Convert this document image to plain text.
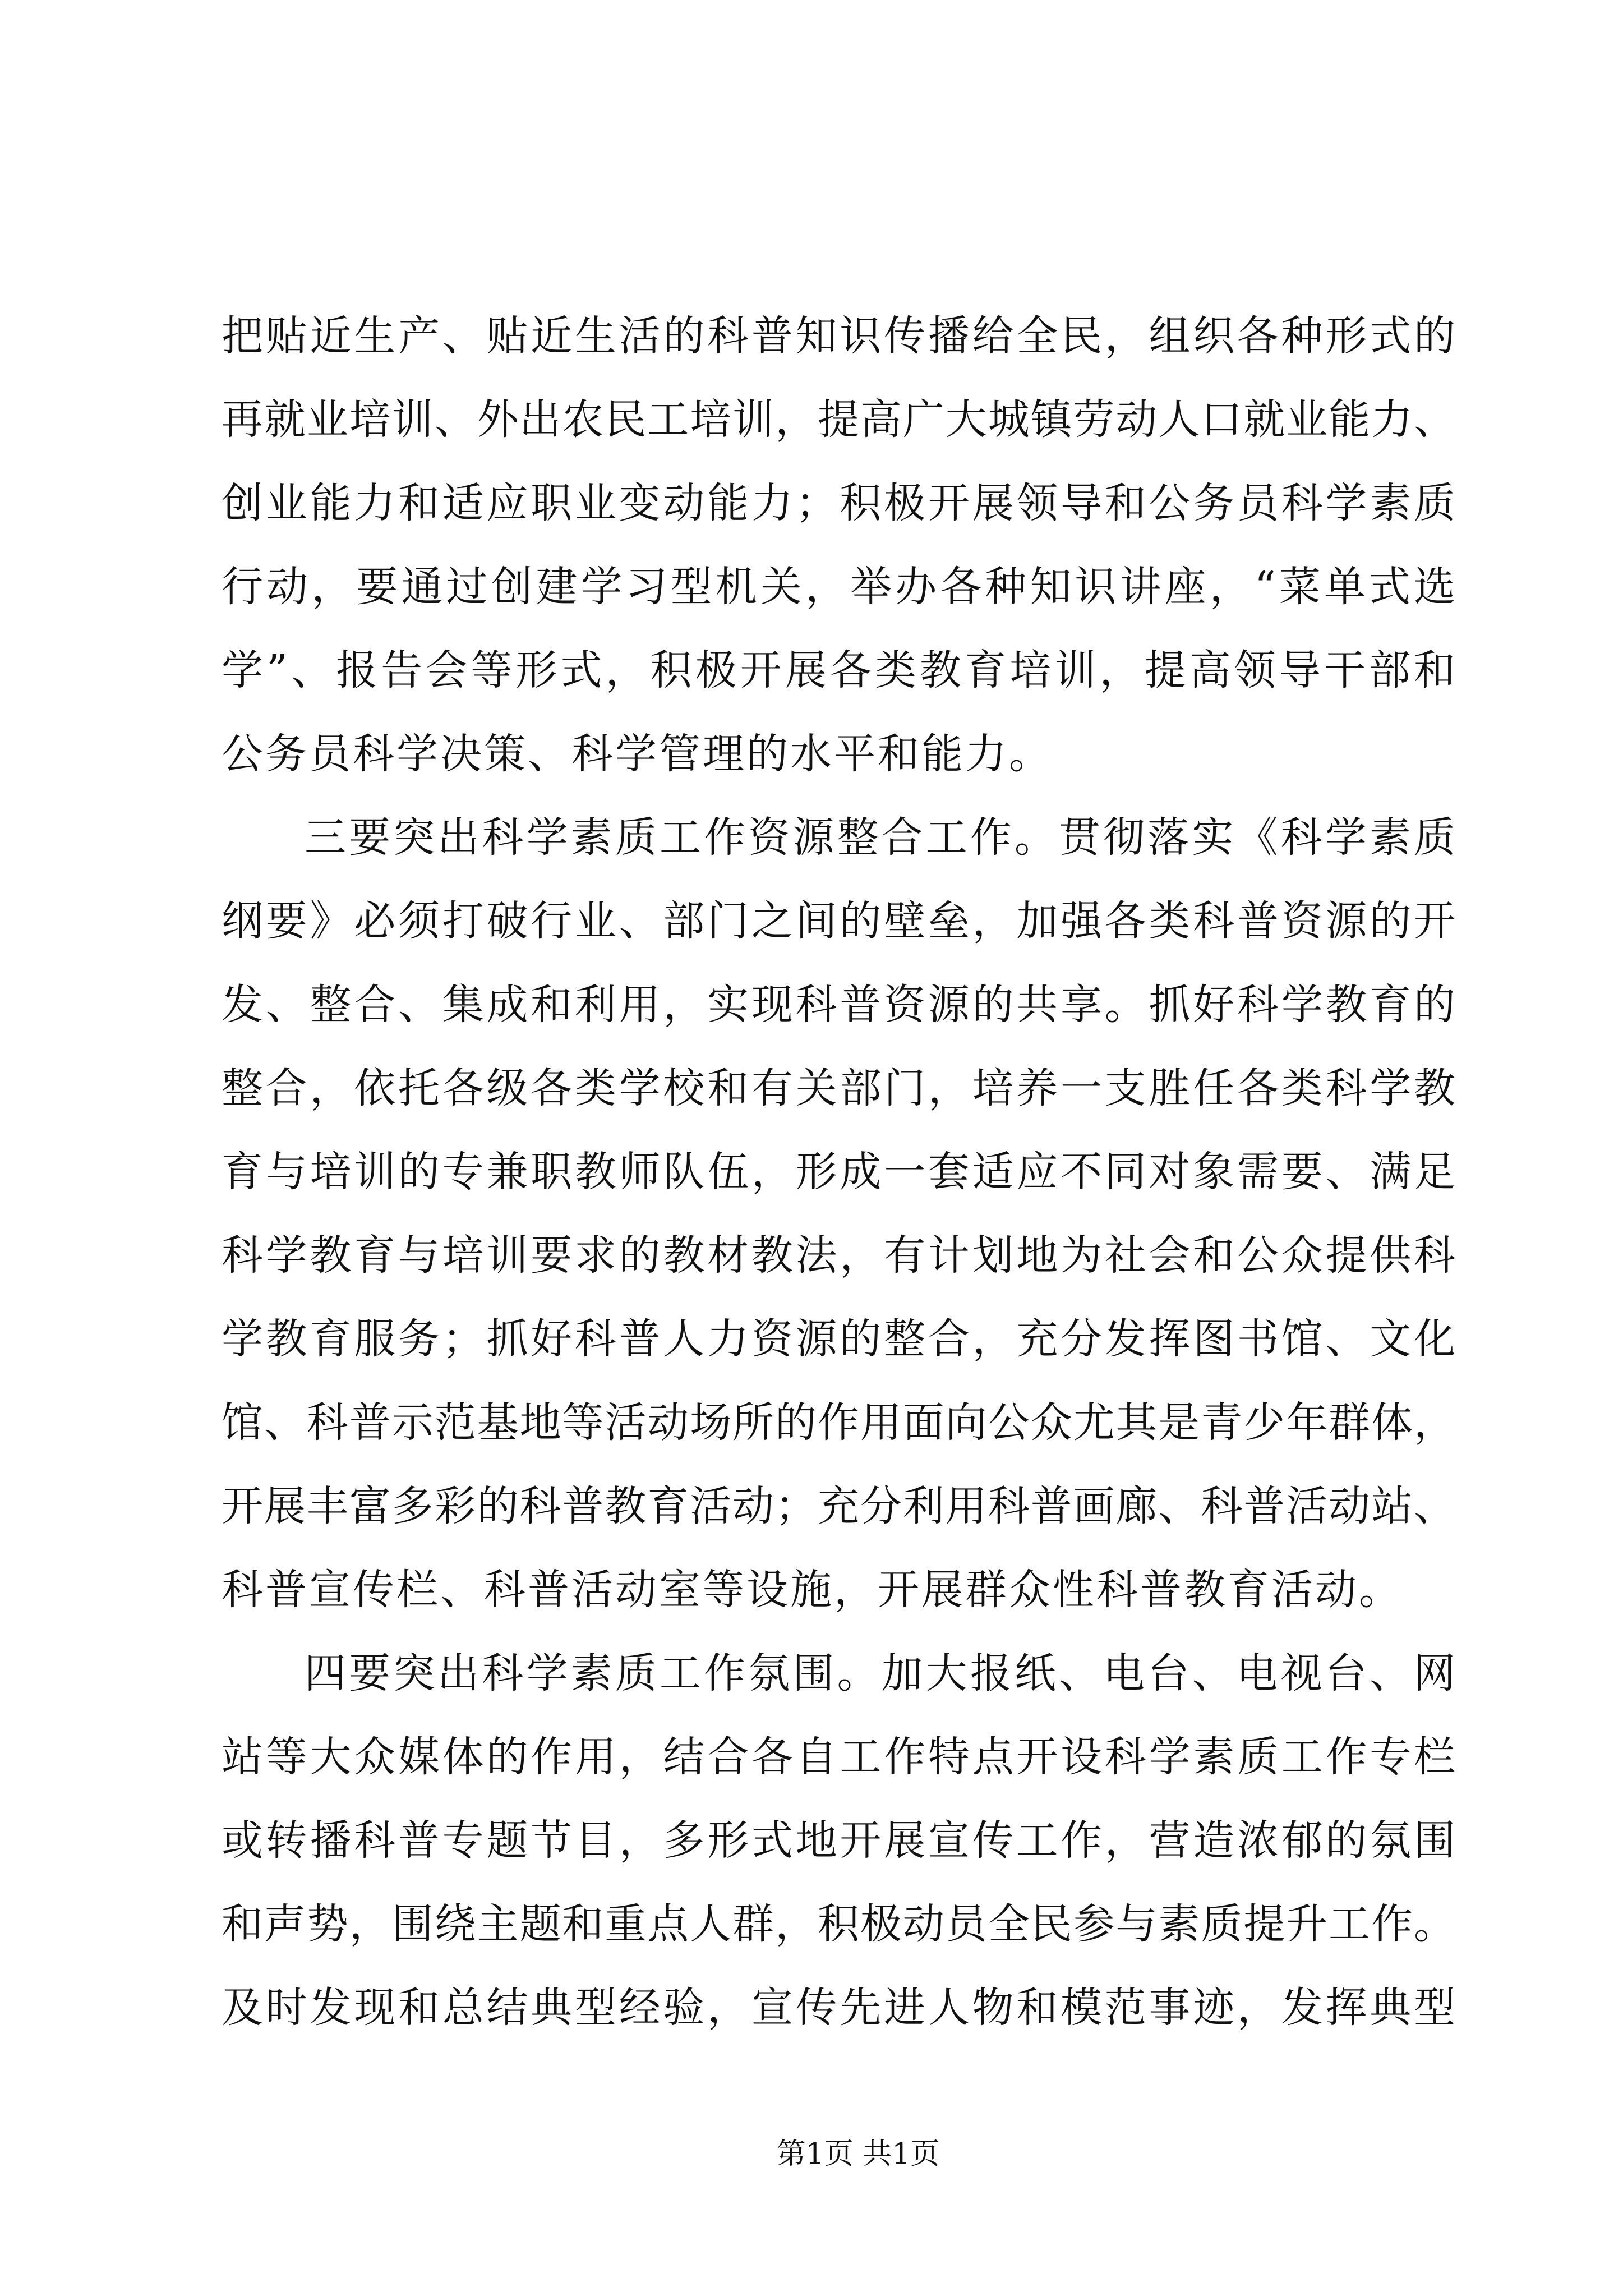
把贴近生产、贴近生活的科普知识传播给全民，组织各种形式的
再就业培训、外出农民工培训，提高广大城镇劳动人口就业能力、
创业能力和适应职业变动能力；积极开展领导和公务员科学素质
行动，要通过创建学习型机关，举办各种知识讲座，“菜单式选
学”、报告会等形式，积极开展各类教育培训，提高领导干部和
公务员科学决策、科学管理的水平和能力。
三要突出科学素质工作资源整合工作。贯彻落实《科学素质
纲要》必须打破行业、部门之间的壁垒，加强各类科普资源的开
发、整合、集成和利用，实现科普资源的共享。抓好科学教育的
整合，依托各级各类学校和有关部门，培养一支胜任各类科学教
育与培训的专兼职教师队伍，形成一套适应不同对象需要、满足
科学教育与培训要求的教材教法，有计划地为社会和公众提供科
学教育服务；抓好科普人力资源的整合，充分发挥图书馆、文化
馆、科普示范基地等活动场所的作用面向公众尤其是青少年群体，
开展丰富多彩的科普教育活动；充分利用科普画廊、科普活动站、
科普宣传栏、科普活动室等设施，开展群众性科普教育活动。
四要突出科学素质工作氛围。加大报纸、电台、电视台、网
站等大众媒体的作用，结合各自工作特点开设科学素质工作专栏
或转播科普专题节目，多形式地开展宣传工作，营造浓郁的氛围
和声势，围绕主题和重点人群，积极动员全民参与素质提升工作。
及时发现和总结典型经验，宣传先进人物和模范事迹，发挥典型
第1页 共1页
